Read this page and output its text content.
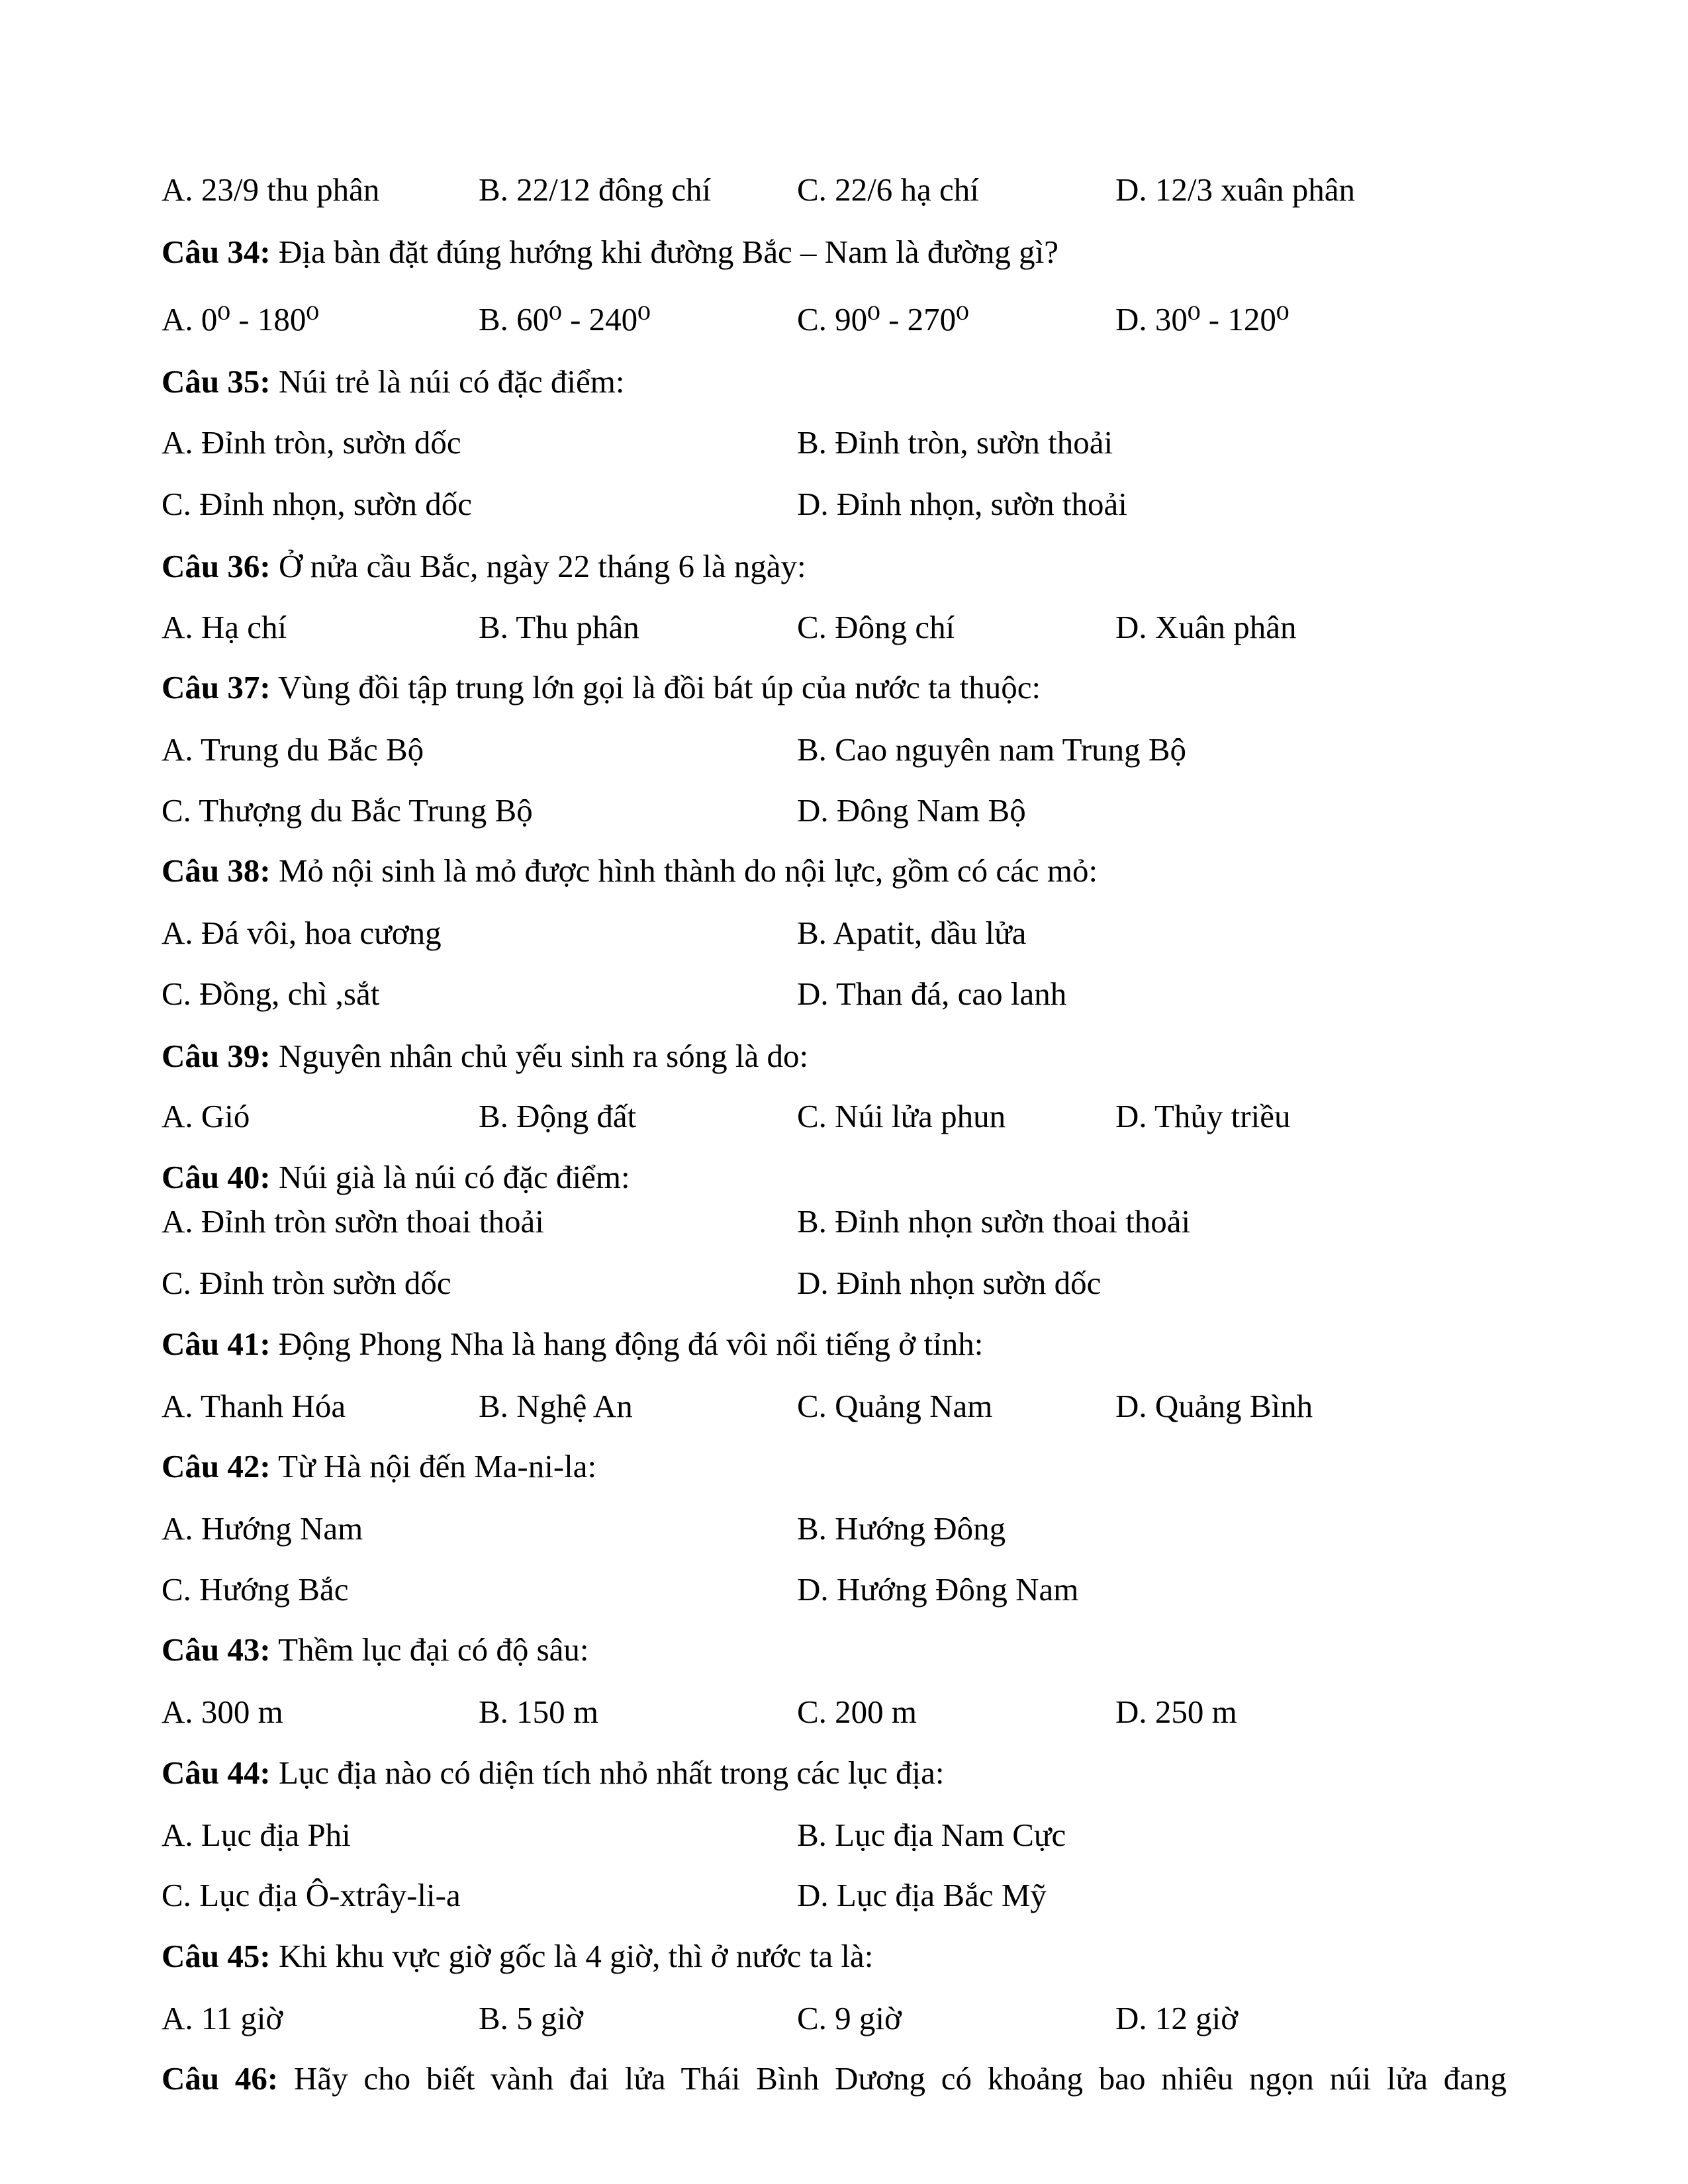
A. 23/9 thu phân	B. 22/12 đông chí	C. 22/6 hạ chí	D. 12/3 xuân phân
Câu 34: Địa bàn đặt đúng hướng khi đường Bắc – Nam là đường gì?
A. 0⁰ - 180⁰	B. 60⁰ - 240⁰	C. 90⁰ - 270⁰	D. 30⁰ - 120⁰
Câu 35: Núi trẻ là núi có đặc điểm:
A. Đỉnh tròn, sườn dốc	B. Đỉnh tròn, sườn thoải
C. Đỉnh nhọn, sườn dốc	D. Đỉnh nhọn, sườn thoải
Câu 36: Ở nửa cầu Bắc, ngày 22 tháng 6 là ngày:
A. Hạ chí	B. Thu phân	C. Đông chí	D. Xuân phân
Câu 37: Vùng đồi tập trung lớn gọi là đồi bát úp của nước ta thuộc:
A. Trung du Bắc Bộ	B. Cao nguyên nam Trung Bộ
C. Thượng du Bắc Trung Bộ	D. Đông Nam Bộ
Câu 38: Mỏ nội sinh là mỏ được hình thành do nội lực, gồm có các mỏ:
A. Đá vôi, hoa cương	B. Apatit, dầu lửa
C. Đồng, chì ,sắt	D. Than đá, cao lanh
Câu 39: Nguyên nhân chủ yếu sinh ra sóng là do:
A. Gió	B. Động đất	C. Núi lửa phun	D. Thủy triều
Câu 40: Núi già là núi có đặc điểm:
A. Đỉnh tròn sườn thoai thoải	B. Đỉnh nhọn sườn thoai thoải
C. Đỉnh tròn sườn dốc	D. Đỉnh nhọn sườn dốc
Câu 41: Động Phong Nha là hang động đá vôi nổi tiếng ở tỉnh:
A. Thanh Hóa	B. Nghệ An	C. Quảng Nam	D. Quảng Bình
Câu 42: Từ Hà nội đến Ma-ni-la:
A. Hướng Nam	B. Hướng Đông
C. Hướng Bắc	D. Hướng Đông Nam
Câu 43: Thềm lục đại có độ sâu:
A. 300 m	B. 150 m	C. 200 m	D. 250 m
Câu 44: Lục địa nào có diện tích nhỏ nhất trong các lục địa:
A. Lục địa Phi	B. Lục địa Nam Cực
C. Lục địa Ô-xtrây-li-a	D. Lục địa Bắc Mỹ
Câu 45: Khi khu vực giờ gốc là 4 giờ, thì ở nước ta là:
A. 11 giờ	B. 5 giờ	C. 9 giờ	D. 12 giờ
Câu 46: Hãy cho biết vành đai lửa Thái Bình Dương có khoảng bao nhiêu ngọn núi lửa đang
